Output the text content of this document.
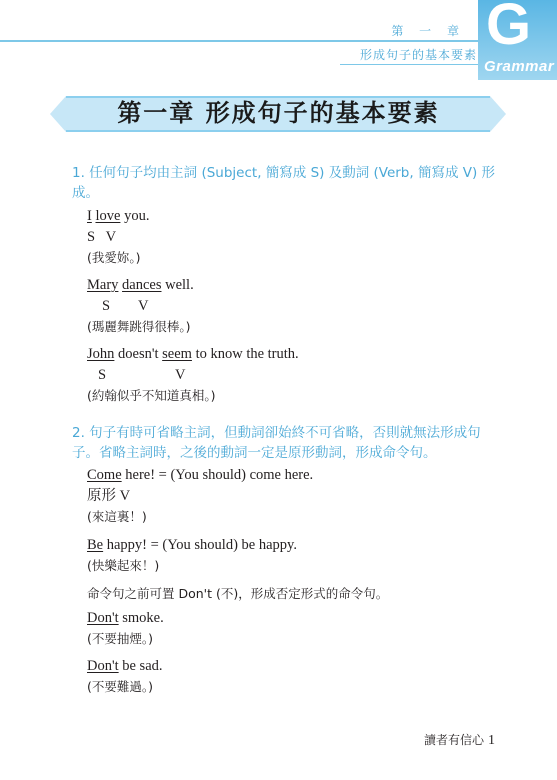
第 一 章
形成句子的基本要素 G
Grammar
第一章 形成句子的基本要素
1. 任何句子均由主詞 (Subject, 簡寫成 S) 及動詞 (Verb, 簡寫成 V) 形成。
I love you.
S   V
(我愛妳。)
Mary dances well.
S V
(瑪麗舞跳得很棒。)
John doesn't seem to know the truth.
S	V
(約翰似乎不知道真相。)
2. 句子有時可省略主詞，但動詞卻始終不可省略，否則就無法形成句子。省略主詞時，之後的動詞一定是原形動詞，形成命令句。
Come here! = (You should) come here.
原形 V
(來這裏！)
Be happy! = (You should) be happy.
(快樂起來！)
命令句之前可置 Don't (不)，形成否定形式的命令句。
Don't smoke.
(不要抽煙。)
Don't be sad.
(不要難過。)
讀者有信心 1
